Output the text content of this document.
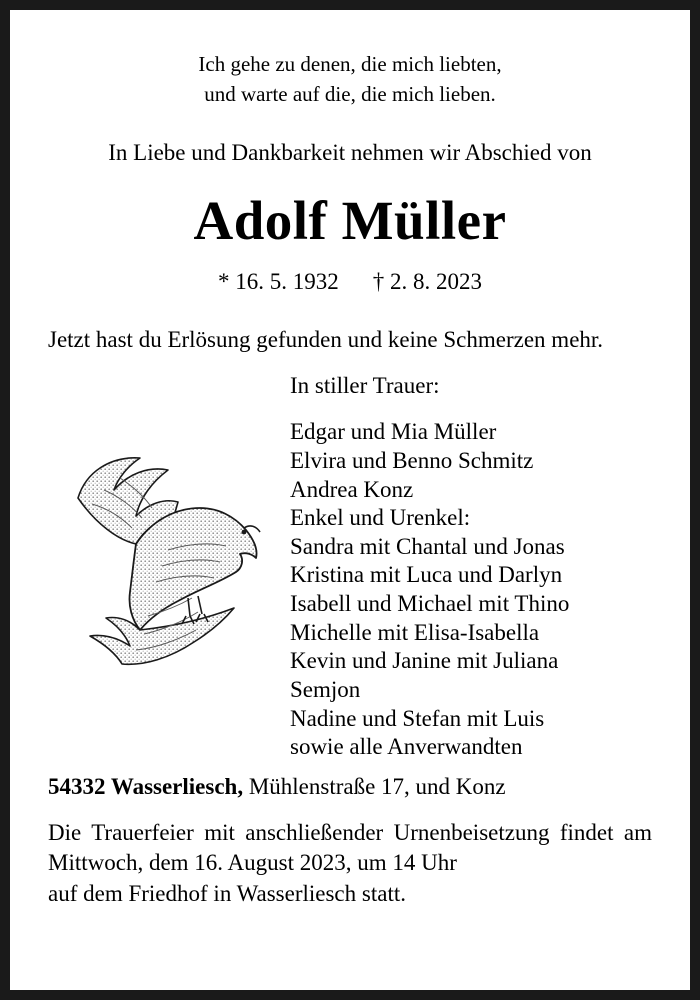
Ich gehe zu denen, die mich liebten,
und warte auf die, die mich lieben.
In Liebe und Dankbarkeit nehmen wir Abschied von
Adolf Müller
* 16. 5. 1932 † 2. 8. 2023
Jetzt hast du Erlösung gefunden und keine Schmerzen mehr.
In stiller Trauer:
Edgar und Mia Müller
Elvira und Benno Schmitz
Andrea Konz
Enkel und Urenkel:
Sandra mit Chantal und Jonas
Kristina mit Luca und Darlyn
Isabell und Michael mit Thino
Michelle mit Elisa-Isabella
Kevin und Janine mit Juliana
Semjon
Nadine und Stefan mit Luis
sowie alle Anverwandten
54332 Wasserliesch, Mühlenstraße 17, und Konz
Die Trauerfeier mit anschließender Urnenbeisetzung findet am Mittwoch, dem 16. August 2023, um 14 Uhr
auf dem Friedhof in Wasserliesch statt.
